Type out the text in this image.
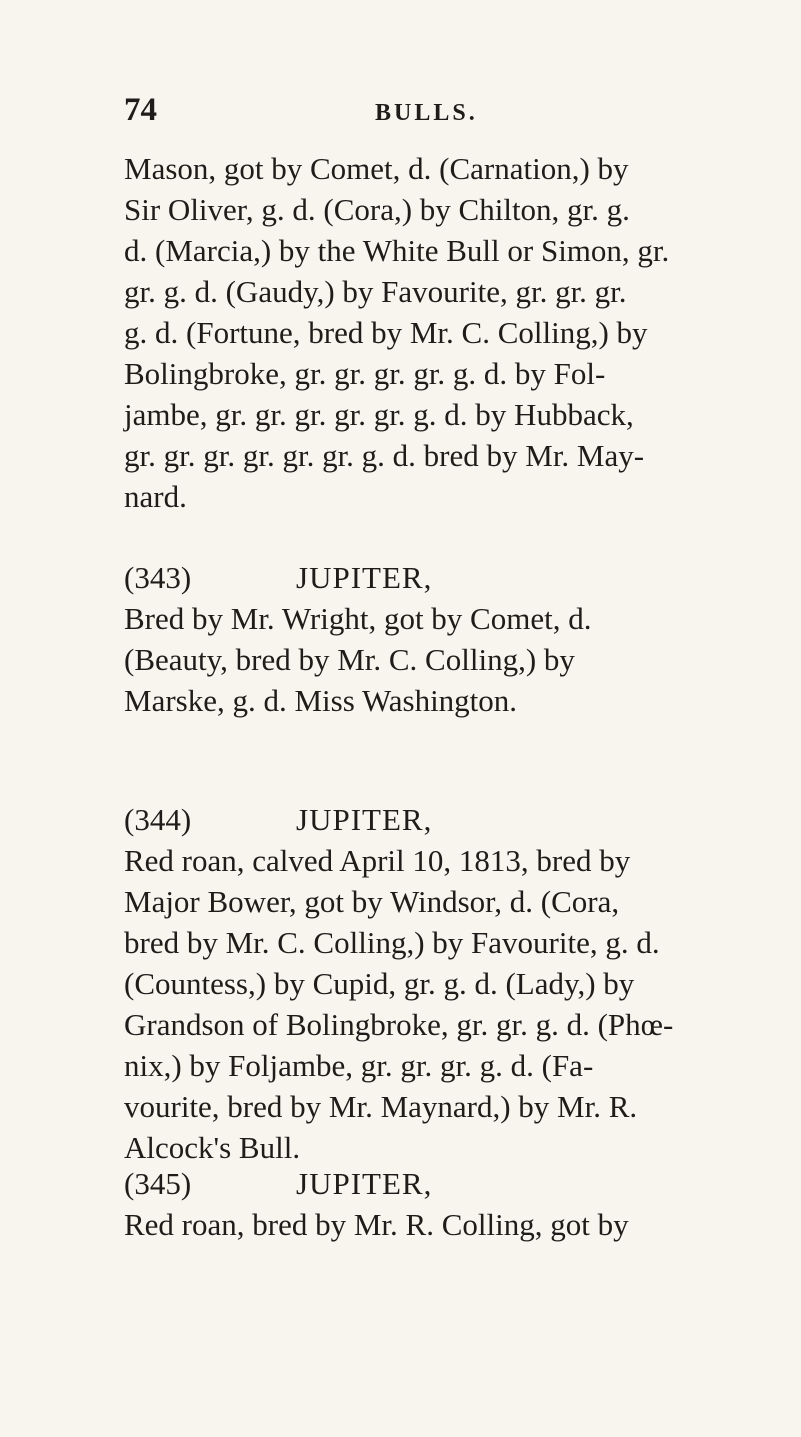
74	BULLS.
Mason, got by Comet, d. (Carnation,) by
Sir Oliver, g. d. (Cora,) by Chilton, gr. g.
d. (Marcia,) by the White Bull or Simon, gr.
gr. g. d. (Gaudy,) by Favourite, gr. gr. gr.
g. d. (Fortune, bred by Mr. C. Colling,) by
Bolingbroke, gr. gr. gr. gr. g. d. by Fol-
jambe, gr. gr. gr. gr. gr. g. d. by Hubback,
gr. gr. gr. gr. gr. gr. g. d. bred by Mr. May-
nard.
(343)	JUPITER,
Bred by Mr. Wright, got by Comet, d.
(Beauty, bred by Mr. C. Colling,) by
Marske, g. d. Miss Washington.
(344)	JUPITER,
Red roan, calved April 10, 1813, bred by
Major Bower, got by Windsor, d. (Cora,
bred by Mr. C. Colling,) by Favourite, g. d.
(Countess,) by Cupid, gr. g. d. (Lady,) by
Grandson of Bolingbroke, gr. gr. g. d. (Phœ-
nix,) by Foljambe, gr. gr. gr. g. d. (Fa-
vourite, bred by Mr. Maynard,) by Mr. R.
Alcock's Bull.
(345)	JUPITER,
Red roan, bred by Mr. R. Colling, got by
